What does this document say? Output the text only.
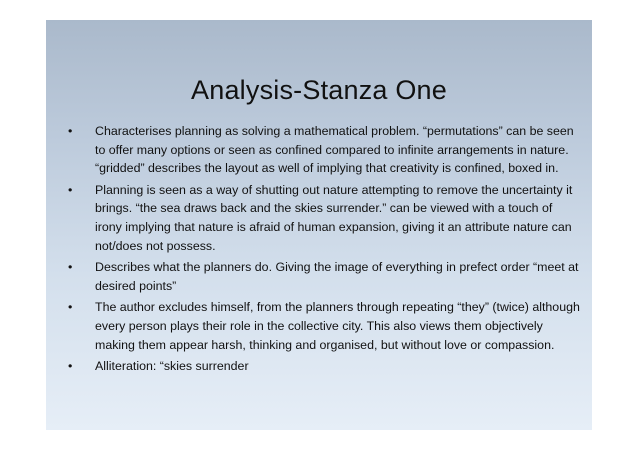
Analysis-Stanza One
•	Characterises planning as solving a mathematical problem. “permutations” can be seen to offer many options or seen as confined compared to infinite arrangements in nature. “gridded” describes the layout as well of implying that creativity is confined, boxed in.
•	Planning is seen as a way of shutting out nature attempting to remove the uncertainty it brings. “the sea draws back and the skies surrender.” can be viewed with a touch of irony implying that nature is afraid of human expansion, giving it an attribute nature can not/does not possess.
•	Describes what the planners do. Giving the image of everything in prefect order “meet at desired points”
•	The author excludes himself, from the planners through repeating “they” (twice) although every person plays their role in the collective city. This also views them objectively making them appear harsh, thinking and organised, but without love or compassion.
•	Alliteration: “skies surrender
